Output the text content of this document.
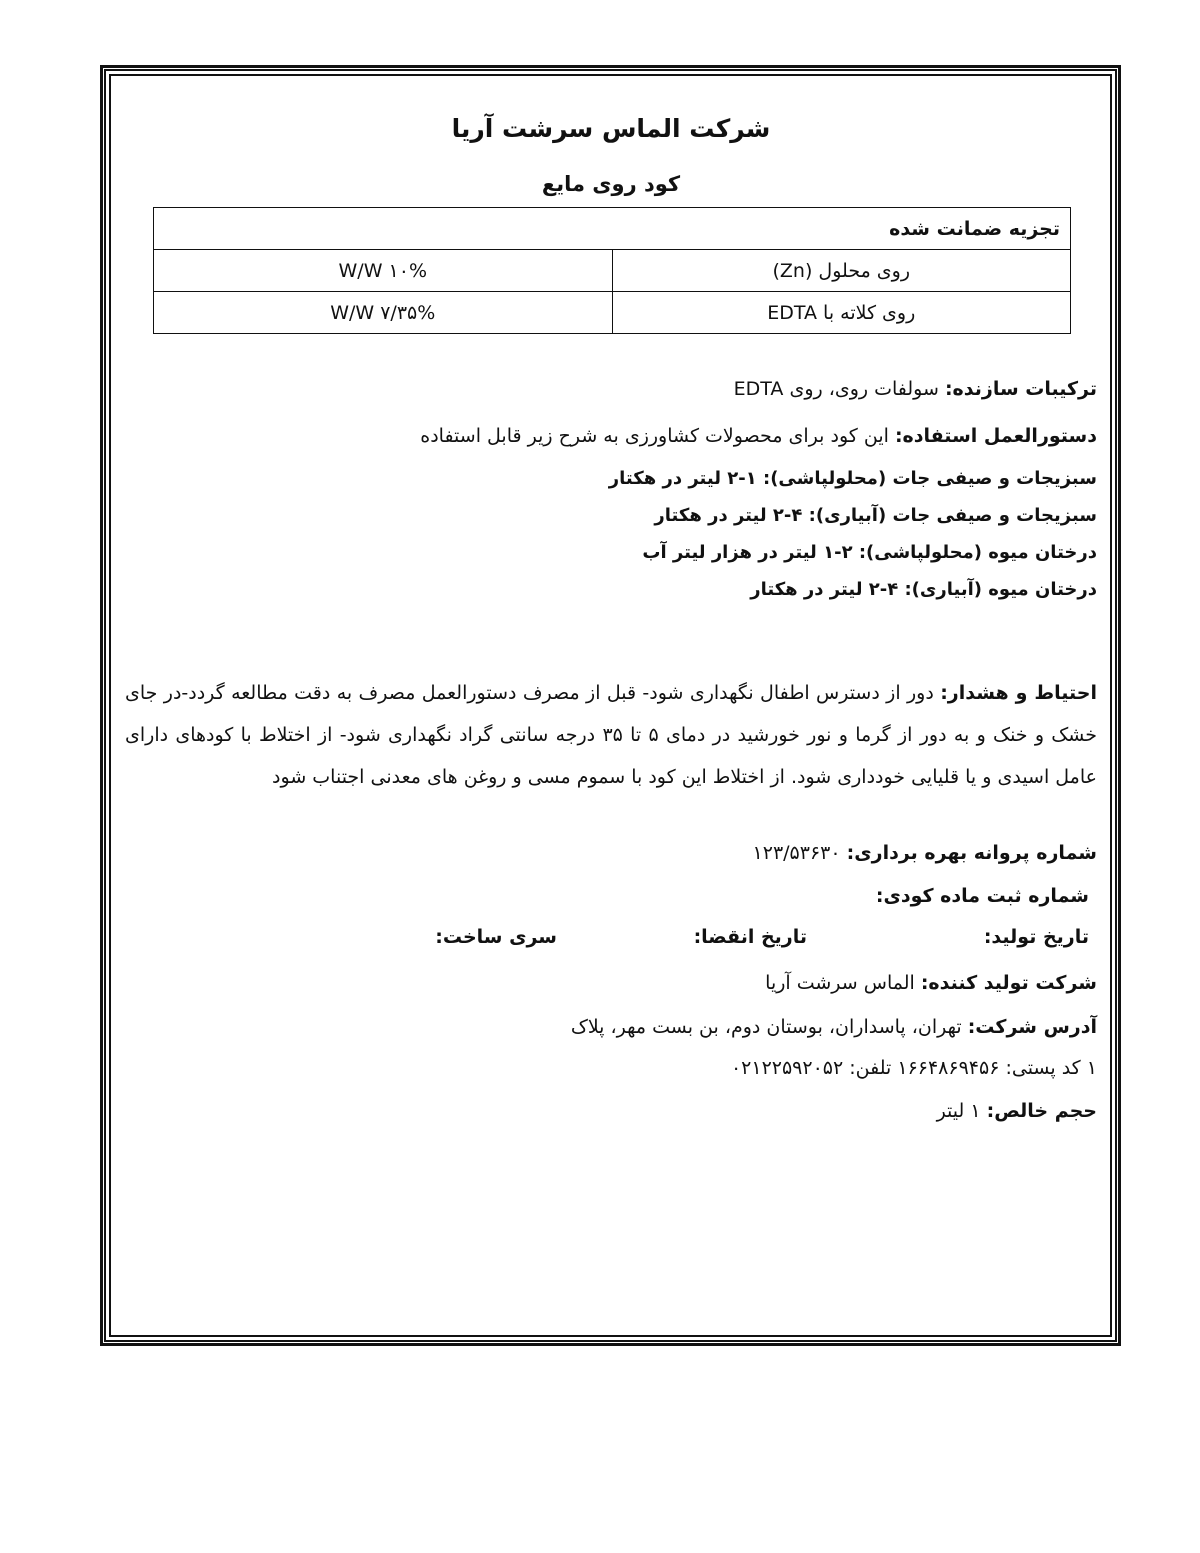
شرکت الماس سرشت آریا
کود روی مایع
تجزیه ضمانت شده	
روی محلول (Zn)	%W/W ۱۰
روی کلاته با EDTA	%W/W ۷/۳۵
ترکیبات سازنده: سولفات روی، روی EDTA
دستورالعمل استفاده: این کود برای محصولات کشاورزی به شرح زیر قابل استفاده
سبزیجات و صیفی جات (محلولپاشی): ۱-۲ لیتر در هکتار
سبزیجات و صیفی جات (آبیاری): ۴-۲ لیتر در هکتار
درختان میوه (محلولپاشی): ۲-۱ لیتر در هزار لیتر آب
درختان میوه (آبیاری): ۴-۲ لیتر در هکتار
احتیاط و هشدار: دور از دسترس اطفال نگهداری شود- قبل از مصرف دستورالعمل مصرف به دقت مطالعه گردد-در جای خشک و خنک و به دور از گرما و نور خورشید در دمای ۵ تا ۳۵ درجه سانتی گراد نگهداری شود- از اختلاط با کودهای دارای عامل اسیدی و یا قلیایی خودداری شود. از اختلاط این کود با سموم مسی و روغن های معدنی اجتناب شود
شماره پروانه بهره برداری: ۱۲۳/۵۳۶۳۰
شماره ثبت ماده کودی:
تاریخ تولید:
تاریخ انقضا:
سری ساخت:
شرکت تولید کننده: الماس سرشت آریا
آدرس شرکت: تهران، پاسداران، بوستان دوم، بن بست مهر، پلاک
۱ کد پستی: ۱۶۶۴۸۶۹۴۵۶ تلفن: ۰۲۱۲۲۵۹۲۰۵۲
حجم خالص: ۱ لیتر
